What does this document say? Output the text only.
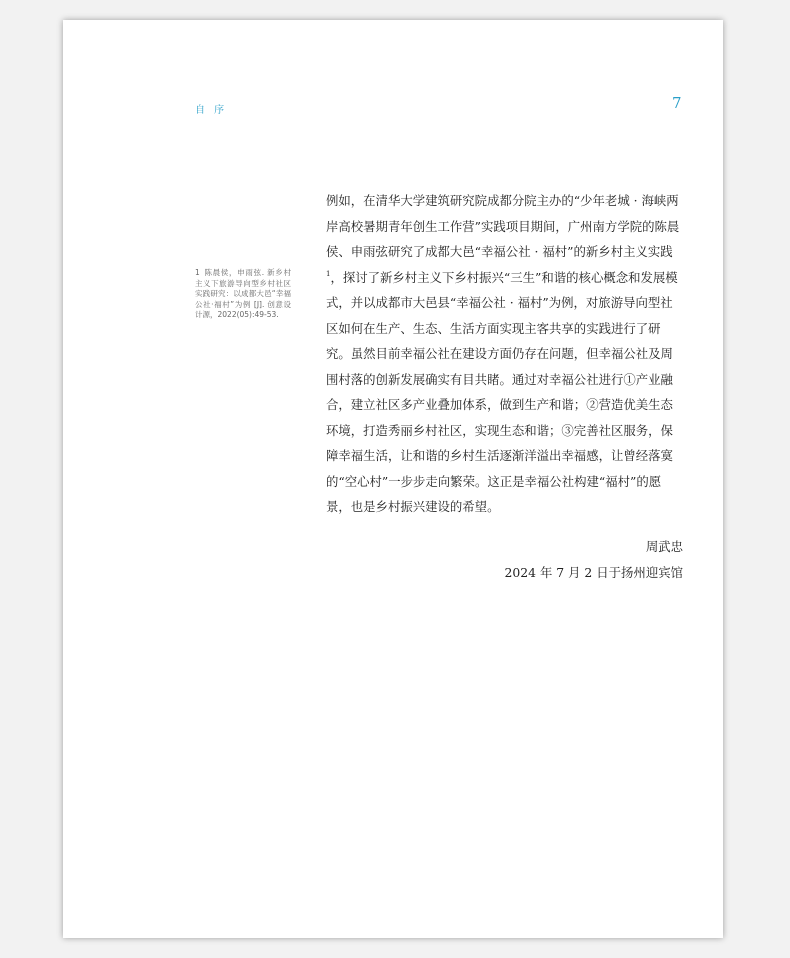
自 序	7
1 陈晨侯，申雨弦. 新乡村主义下旅游导向型乡村社区实践研究：以成都大邑“幸福公社·福村”为例 [J]. 创意设计源，2022(05):49-53.

例如，在清华大学建筑研究院成都分院主办的“少年老城 · 海峡两岸高校暑期青年创生工作营”实践项目期间，广州南方学院的陈晨侯、申雨弦研究了成都大邑“幸福公社 · 福村”的新乡村主义实践$^1$，探讨了新乡村主义下乡村振兴“三生”和谐的核心概念和发展模式，并以成都市大邑县“幸福公社 · 福村”为例，对旅游导向型社区如何在生产、生态、生活方面实现主客共享的实践进行了研究。虽然目前幸福公社在建设方面仍存在问题，但幸福公社及周围村落的创新发展确实有目共睹。通过对幸福公社进行①产业融合，建立社区多产业叠加体系，做到生产和谐；②营造优美生态环境，打造秀丽乡村社区，实现生态和谐；③完善社区服务，保障幸福生活，让和谐的乡村生活逐渐洋溢出幸福感，让曾经落寞的“空心村”一步步走向繁荣。这正是幸福公社构建“福村”的愿景，也是乡村振兴建设的希望。

周武忠
2024 年 7 月 2 日于扬州迎宾馆
